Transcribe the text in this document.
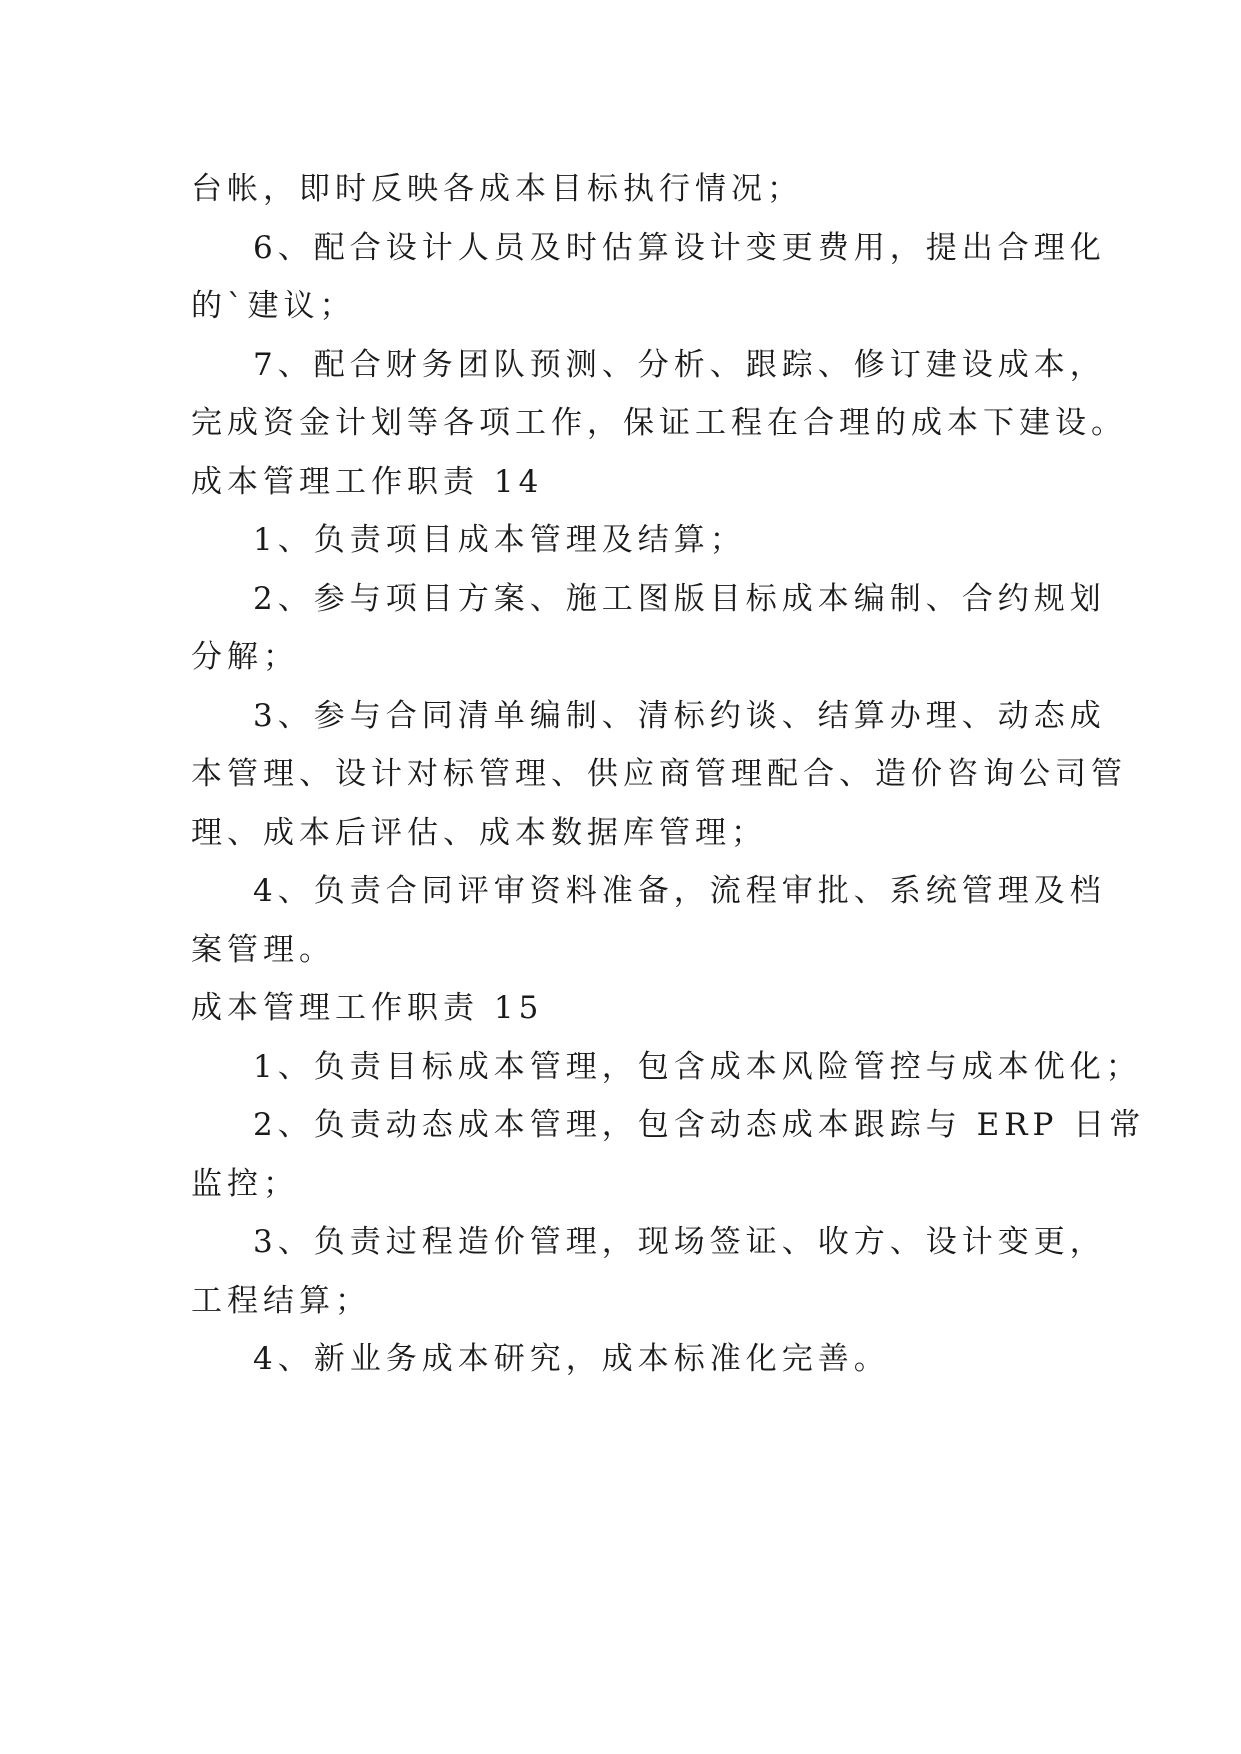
台帐，即时反映各成本目标执行情况；
6、配合设计人员及时估算设计变更费用，提出合理化
的`建议；
7、配合财务团队预测、分析、跟踪、修订建设成本，
完成资金计划等各项工作，保证工程在合理的成本下建设。
成本管理工作职责 14
1、负责项目成本管理及结算；
2、参与项目方案、施工图版目标成本编制、合约规划
分解；
3、参与合同清单编制、清标约谈、结算办理、动态成
本管理、设计对标管理、供应商管理配合、造价咨询公司管
理、成本后评估、成本数据库管理；
4、负责合同评审资料准备，流程审批、系统管理及档
案管理。
成本管理工作职责 15
1、负责目标成本管理，包含成本风险管控与成本优化；
2、负责动态成本管理，包含动态成本跟踪与 ERP 日常
监控；
3、负责过程造价管理，现场签证、收方、设计变更，
工程结算；
4、新业务成本研究，成本标准化完善。
